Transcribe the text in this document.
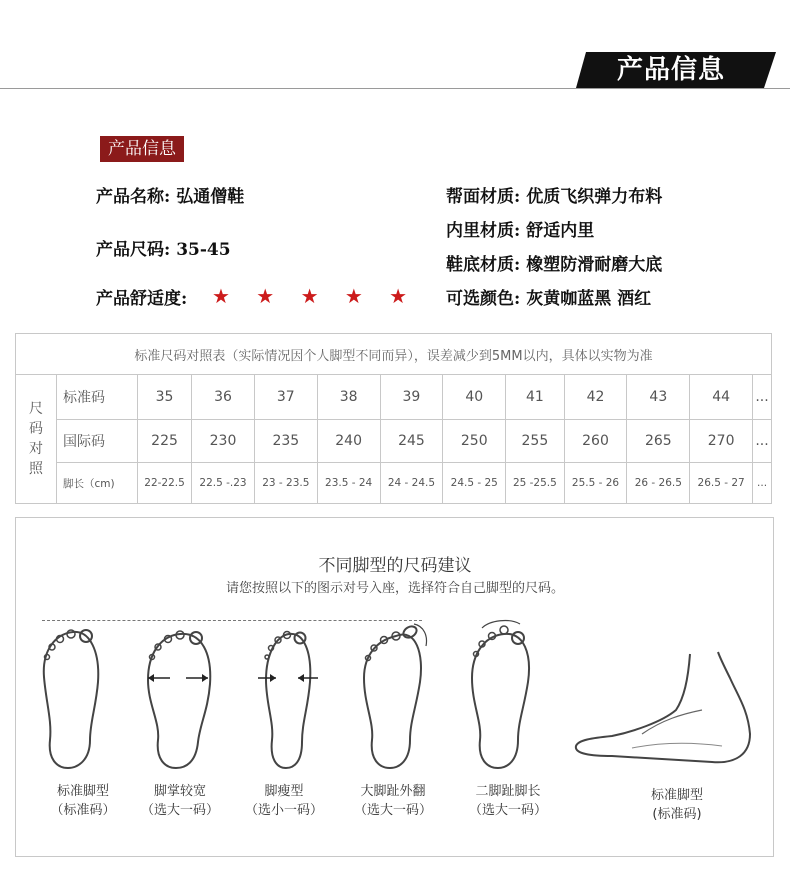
产品信息
产品信息
产品名称: 弘通僧鞋
产品尺码: 35-45
产品舒适度: ★ ★ ★ ★ ★
帮面材质: 优质飞织弹力布料
内里材质: 舒适内里
鞋底材质: 橡塑防滑耐磨大底
可选颜色: 灰黄咖蓝黑 酒红
标准尺码对照表（实际情况因个人脚型不同而异），误差减少到5MM以内，具体以实物为准												

尺
码
对
照	标准码	35	36	37	38	39	40	41	42	43	44	...
	国际码	225	230	235	240	245	250	255	260	265	270	...
	脚长（cm)	22-22.5	22.5 -.23	23 - 23.5	23.5 - 24	24 - 24.5	24.5 - 25	25 -25.5	25.5 - 26	26 - 26.5	26.5 - 27	...
不同脚型的尺码建议
请您按照以下的图示对号入座，选择符合自己脚型的尺码。
标准脚型
（标准码）
脚掌较宽
（选大一码）
脚瘦型
（选小一码）
大脚趾外翻
（选大一码）
二脚趾脚长
（选大一码）
标准脚型
(标准码)
